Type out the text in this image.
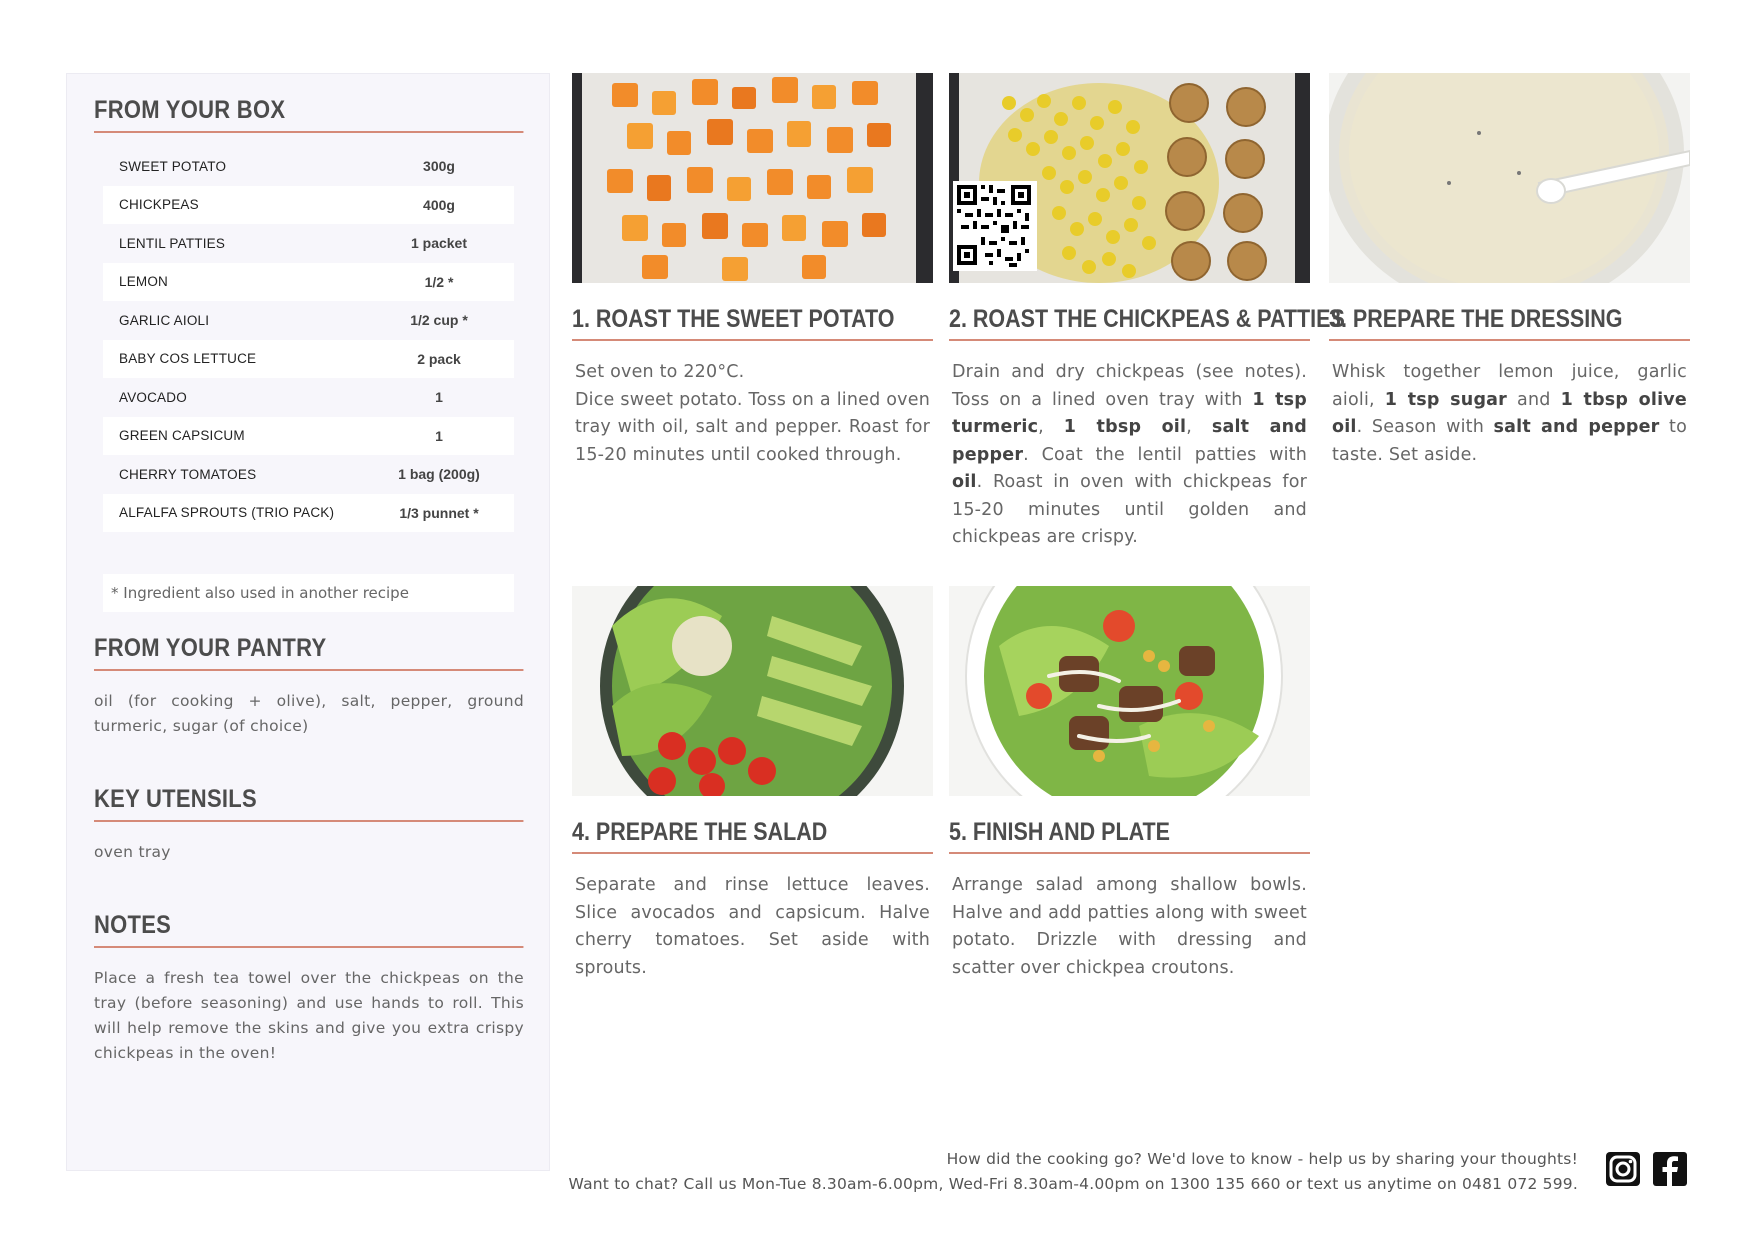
FROM YOUR BOX
SWEET POTATO	300g
CHICKPEAS	400g
LENTIL PATTIES	1 packet
LEMON	1/2 *
GARLIC AIOLI	1/2 cup *
BABY COS LETTUCE	2 pack
AVOCADO	1
GREEN CAPSICUM	1
CHERRY TOMATOES	1 bag (200g)
ALFALFA SPROUTS (TRIO PACK)	1/3 punnet *
* Ingredient also used in another recipe
FROM YOUR PANTRY

oil (for cooking + olive), salt, pepper, ground turmeric, sugar (of choice)

KEY UTENSILS

oven tray

NOTES

Place a fresh tea towel over the chickpeas on the tray (before seasoning) and use hands to roll. This will help remove the skins and give you extra crispy chickpeas in the oven!

1. ROAST THE SWEET POTATO
Set oven to 220°C.
Dice sweet potato. Toss on a lined oven tray with oil, salt and pepper. Roast for 15-20 minutes until cooked through.
2. ROAST THE CHICKPEAS & PATTIES
Drain and dry chickpeas (see notes). Toss on a lined oven tray with 1 tsp turmeric, 1 tbsp oil, salt and pepper. Coat the lentil patties with oil. Roast in oven with chickpeas for 15-20 minutes until golden and chickpeas are crispy.
3. PREPARE THE DRESSING
Whisk together lemon juice, garlic aioli, 1 tsp sugar and 1 tbsp olive oil. Season with salt and pepper to taste. Set aside.
4. PREPARE THE SALAD
Separate and rinse lettuce leaves. Slice avocados and capsicum. Halve cherry tomatoes. Set aside with sprouts.
5. FINISH AND PLATE
Arrange salad among shallow bowls. Halve and add patties along with sweet potato. Drizzle with dressing and scatter over chickpea croutons.
How did the cooking go? We'd love to know - help us by sharing your thoughts!
Want to chat? Call us Mon-Tue 8.30am-6.00pm, Wed-Fri 8.30am-4.00pm on 1300 135 660 or text us anytime on 0481 072 599.
